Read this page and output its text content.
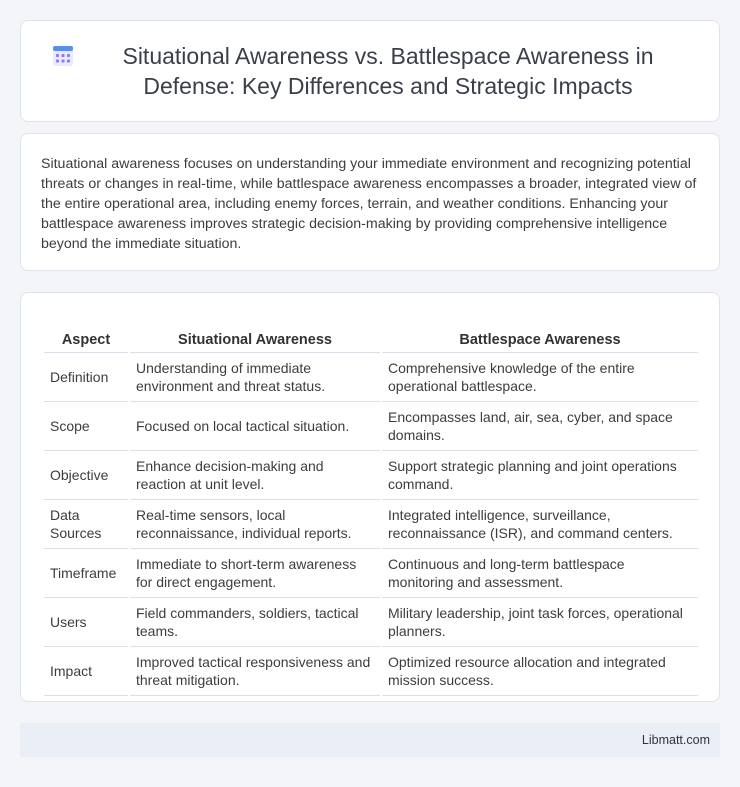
Situational Awareness vs. Battlespace Awareness in Defense: Key Differences and Strategic Impacts

Situational awareness focuses on understanding your immediate environment and recognizing potential threats or changes in real-time, while battlespace awareness encompasses a broader, integrated view of the entire operational area, including enemy forces, terrain, and weather conditions. Enhancing your battlespace awareness improves strategic decision-making by providing comprehensive intelligence beyond the immediate situation.

Aspect	Situational Awareness	Battlespace Awareness
Definition	Understanding of immediate environment and threat status.	Comprehensive knowledge of the entire operational battlespace.
Scope	Focused on local tactical situation.	Encompasses land, air, sea, cyber, and space domains.
Objective	Enhance decision-making and reaction at unit level.	Support strategic planning and joint operations command.
Data Sources	Real-time sensors, local reconnaissance, individual reports.	Integrated intelligence, surveillance, reconnaissance (ISR), and command centers.
Timeframe	Immediate to short-term awareness for direct engagement.	Continuous and long-term battlespace monitoring and assessment.
Users	Field commanders, soldiers, tactical teams.	Military leadership, joint task forces, operational planners.
Impact	Improved tactical responsiveness and threat mitigation.	Optimized resource allocation and integrated mission success.
Libmatt.com
